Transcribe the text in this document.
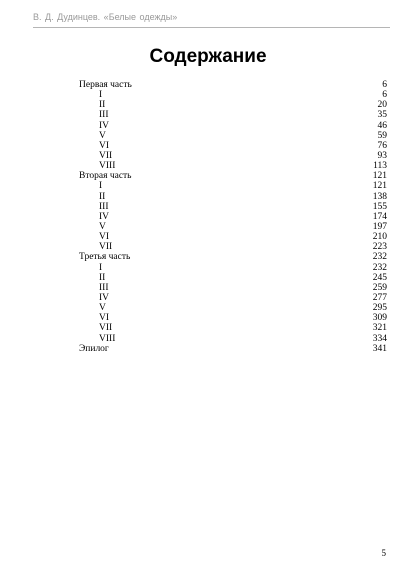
В. Д. Дудинцев. «Белые одежды»
Содержание
Первая часть	6
I	6
II	20
III	35
IV	46
V	59
VI	76
VII	93
VIII	113
Вторая часть	121
I	121
II	138
III	155
IV	174
V	197
VI	210
VII	223
Третья часть	232
I	232
II	245
III	259
IV	277
V	295
VI	309
VII	321
VIII	334
Эпилог	341
5
